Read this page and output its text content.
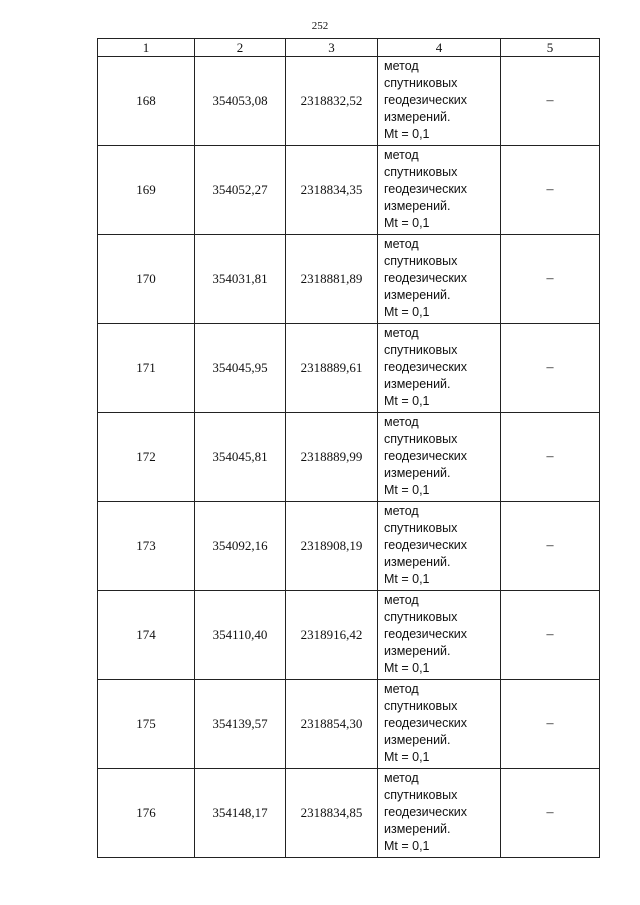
252
1	2	3	4	5
168	354053,08	2318832,52	метод
спутниковых
геодезических
измерений.
Mt = 0,1	–
169	354052,27	2318834,35	метод
спутниковых
геодезических
измерений.
Mt = 0,1	–
170	354031,81	2318881,89	метод
спутниковых
геодезических
измерений.
Mt = 0,1	–
171	354045,95	2318889,61	метод
спутниковых
геодезических
измерений.
Mt = 0,1	–
172	354045,81	2318889,99	метод
спутниковых
геодезических
измерений.
Mt = 0,1	–
173	354092,16	2318908,19	метод
спутниковых
геодезических
измерений.
Mt = 0,1	–
174	354110,40	2318916,42	метод
спутниковых
геодезических
измерений.
Mt = 0,1	–
175	354139,57	2318854,30	метод
спутниковых
геодезических
измерений.
Mt = 0,1	–
176	354148,17	2318834,85	метод
спутниковых
геодезических
измерений.
Mt = 0,1	–
